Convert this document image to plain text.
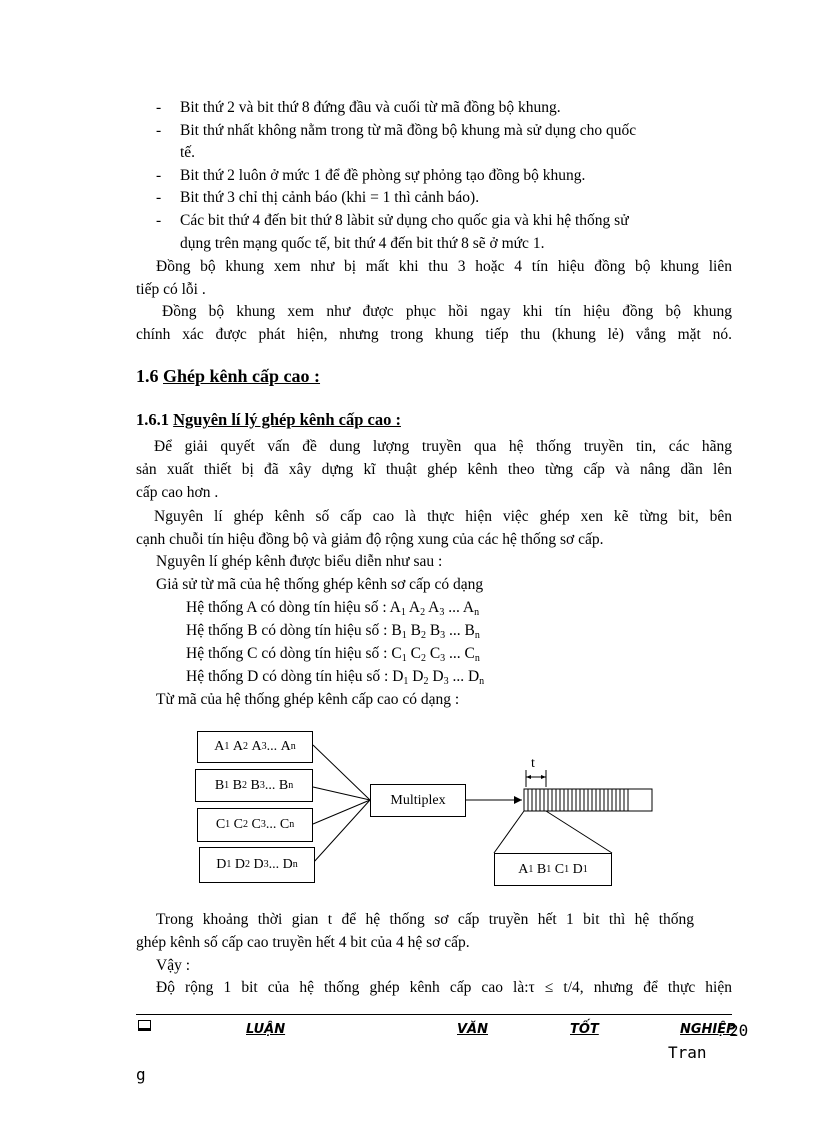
- Bit thứ 2 và bit thứ 8 đứng đầu và cuối từ mã đồng bộ khung.
- Bit thứ nhất không nằm trong từ mã đồng bộ khung mà sử dụng cho quốc
tế.
- Bit thứ 2 luôn ở mức 1 để đề phòng sự phỏng tạo đồng bộ khung.
- Bit thứ 3 chỉ thị cảnh báo (khi = 1 thì cảnh báo).
- Các bit thứ 4 đến bit thứ 8 làbit sử dụng cho quốc gia và khi hệ thống sử
dụng trên mạng quốc tế, bit thứ 4 đến bit thứ 8 sẽ ở mức 1.
Đồng bộ khung xem như bị mất khi thu 3 hoặc 4 tín hiệu đồng bộ khung liên
tiếp có lỗi .
Đồng bộ khung xem như được phục hồi ngay khi tín hiệu đồng bộ khung
chính xác được phát hiện, nhưng trong khung tiếp thu (khung lẻ) vắng mặt nó.
1.6 Ghép kênh cấp cao :
1.6.1 Nguyên lí lý ghép kênh cấp cao :
Để giải quyết vấn đề dung lượng truyền qua hệ thống truyền tin, các hãng
sản xuất thiết bị đã xây dựng kĩ thuật ghép kênh theo từng cấp và nâng dần lên
cấp cao hơn .
Nguyên lí ghép kênh số cấp cao là thực hiện việc ghép xen kẽ từng bit, bên
cạnh chuỗi tín hiệu đồng bộ và giảm độ rộng xung của các hệ thống sơ cấp.
Nguyên lí ghép kênh được biểu diễn như sau :
Giả sử từ mã của hệ thống ghép kênh sơ cấp có dạng
Hệ thống A có dòng tín hiệu số : $A_1$ $A_2$ $A_3$ ... $A_n$
Hệ thống B có dòng tín hiệu số : $B_1$ $B_2$ $B_3$ ... $B_n$
Hệ thống C có dòng tín hiệu số : $C_1$ $C_2$ $C_3$ ... $C_n$
Hệ thống D có dòng tín hiệu số : $D_1$ $D_2$ $D_3$ ... $D_n$
Từ mã của hệ thống ghép kênh cấp cao có dạng :
A 1
A 2
A 3 ... A n
B 1
B 2
B 3 ... B n
C 1
C 2
C 3 ... C n
D 1
D 2
D 3 ... D n
Multiplex
t
A 1
B 1
C 1
D 1
Trong khoảng thời gian t để hệ thống sơ cấp truyền hết 1 bit thì hệ thống
ghép kênh số cấp cao truyền hết 4 bit của 4 hệ sơ cấp.
Vậy :
Độ rộng 1 bit của hệ thống ghép kênh cấp cao là:τ ≤ t/4, nhưng để thực hiện
LUẬN	VĂN	TỐT	NGHIỆP
20
Tran
g
